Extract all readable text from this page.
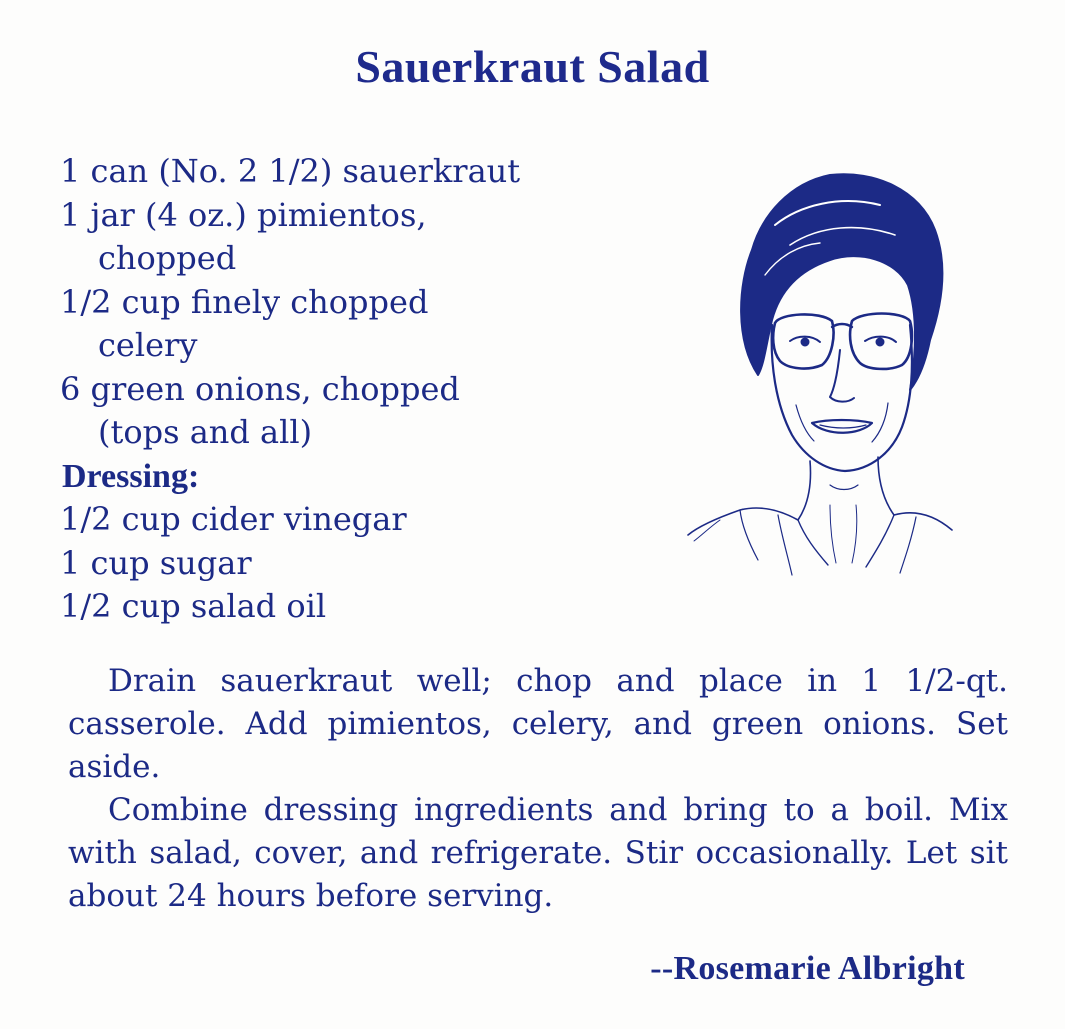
Sauerkraut Salad
1 can (No. 2 1/2) sauerkraut
1 jar (4 oz.) pimientos,
chopped
1/2 cup finely chopped
celery
6 green onions, chopped
(tops and all)
Dressing:
1/2 cup cider vinegar
1 cup sugar
1/2 cup salad oil

Drain sauerkraut well; chop and place in 1 1/2-qt. casserole. Add pimientos, celery, and green onions. Set aside.

Combine dressing ingredients and bring to a boil. Mix with salad, cover, and refrigerate. Stir occasionally. Let sit about 24 hours before serving.

--Rosemarie Albright
